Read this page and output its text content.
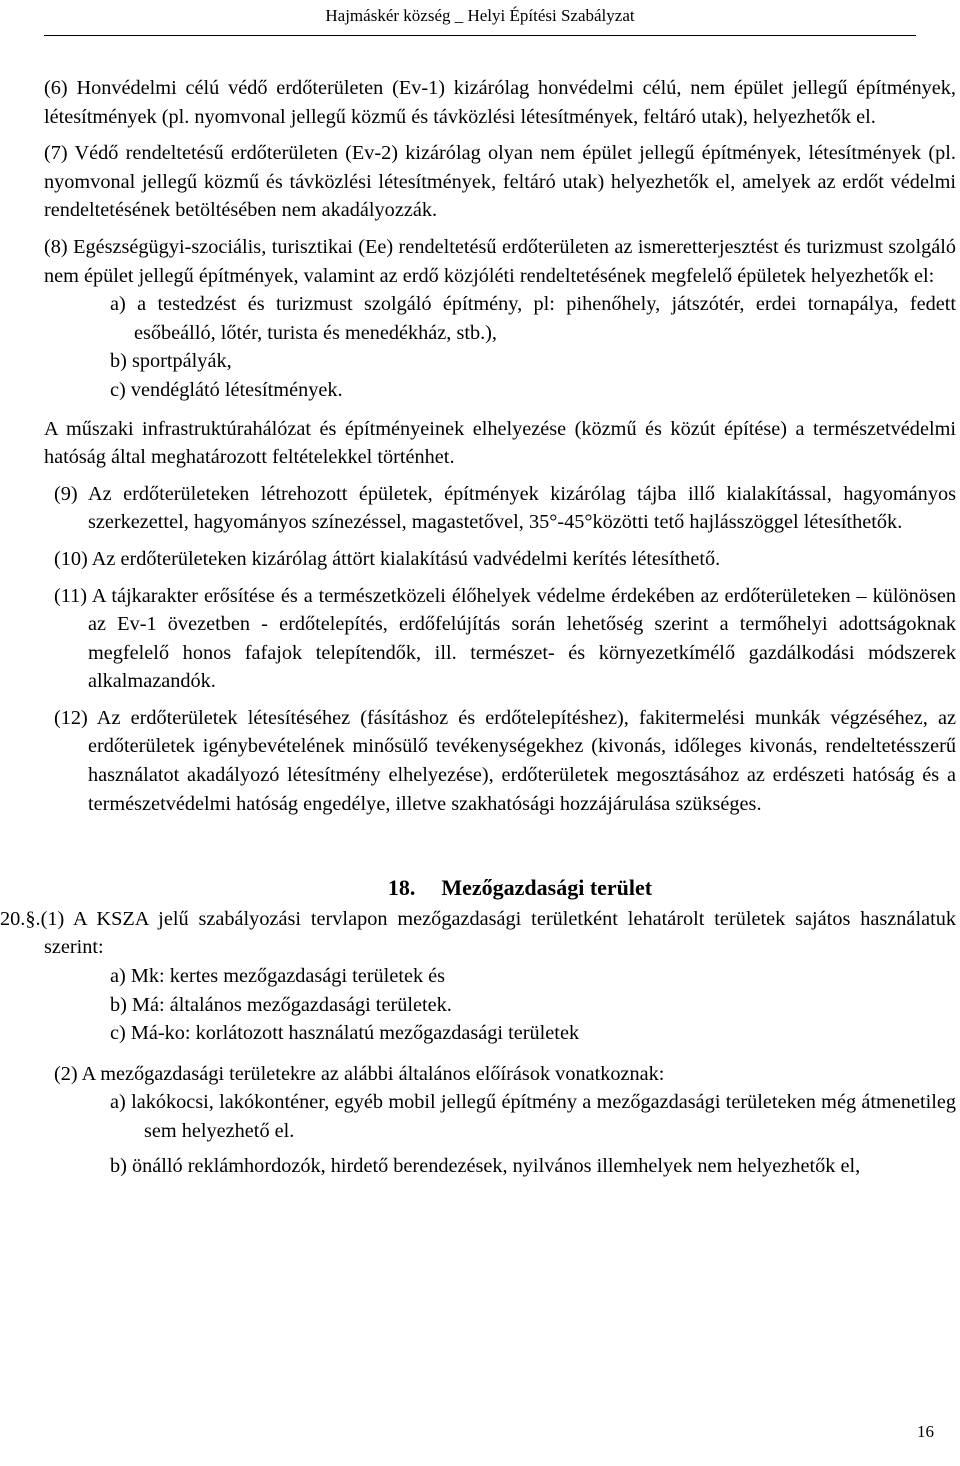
Hajmáskér község _ Helyi Építési Szabályzat

(6) Honvédelmi célú védő erdőterületen (Ev-1) kizárólag honvédelmi célú, nem épület jellegű építmények, létesítmények (pl. nyomvonal jellegű közmű és távközlési létesítmények, feltáró utak), helyezhetők el.

(7) Védő rendeltetésű erdőterületen (Ev-2) kizárólag olyan nem épület jellegű építmények, létesítmények (pl. nyomvonal jellegű közmű és távközlési létesítmények, feltáró utak) helyezhetők el, amelyek az erdőt védelmi rendeltetésének betöltésében nem akadályozzák.

(8) Egészségügyi-szociális, turisztikai (Ee) rendeltetésű erdőterületen az ismeretterjesztést és turizmust szolgáló nem épület jellegű építmények, valamint az erdő közjóléti rendeltetésének megfelelő épületek helyezhetők el:

a) a testedzést és turizmust szolgáló építmény, pl: pihenőhely, játszótér, erdei tornapálya, fedett esőbeálló, lőtér, turista és menedékház, stb.),

b) sportpályák,

c) vendéglátó létesítmények.

A műszaki infrastruktúrahálózat és építményeinek elhelyezése (közmű és közút építése) a természetvédelmi hatóság által meghatározott feltételekkel történhet.

(9) Az erdőterületeken létrehozott épületek, építmények kizárólag tájba illő kialakítással, hagyományos szerkezettel, hagyományos színezéssel, magastetővel, 35°-45°közötti tető hajlásszöggel létesíthetők.

(10) Az erdőterületeken kizárólag áttört kialakítású vadvédelmi kerítés létesíthető.

(11) A tájkarakter erősítése és a természetközeli élőhelyek védelme érdekében az erdőterületeken – különösen az Ev-1 övezetben - erdőtelepítés, erdőfelújítás során lehetőség szerint a termőhelyi adottságoknak megfelelő honos fafajok telepítendők, ill. természet- és környezetkímélő gazdálkodási módszerek alkalmazandók.

(12) Az erdőterületek létesítéséhez (fásításhoz és erdőtelepítéshez), fakitermelési munkák végzéséhez, az erdőterületek igénybevételének minősülő tevékenységekhez (kivonás, időleges kivonás, rendeltetésszerű használatot akadályozó létesítmény elhelyezése), erdőterületek megosztásához az erdészeti hatóság és a természetvédelmi hatóság engedélye, illetve szakhatósági hozzájárulása szükséges.

18. Mezőgazdasági terület

20.§.(1) A KSZA jelű szabályozási tervlapon mezőgazdasági területként lehatárolt területek sajátos használatuk szerint:

a) Mk: kertes mezőgazdasági területek és

b) Má: általános mezőgazdasági területek.

c) Má-ko: korlátozott használatú mezőgazdasági területek

(2) A mezőgazdasági területekre az alábbi általános előírások vonatkoznak:

a) lakókocsi, lakókonténer, egyéb mobil jellegű építmény a mezőgazdasági területeken még átmenetileg sem helyezhető el.

b) önálló reklámhordozók, hirdető berendezések, nyilvános illemhelyek nem helyezhetők el,

16
